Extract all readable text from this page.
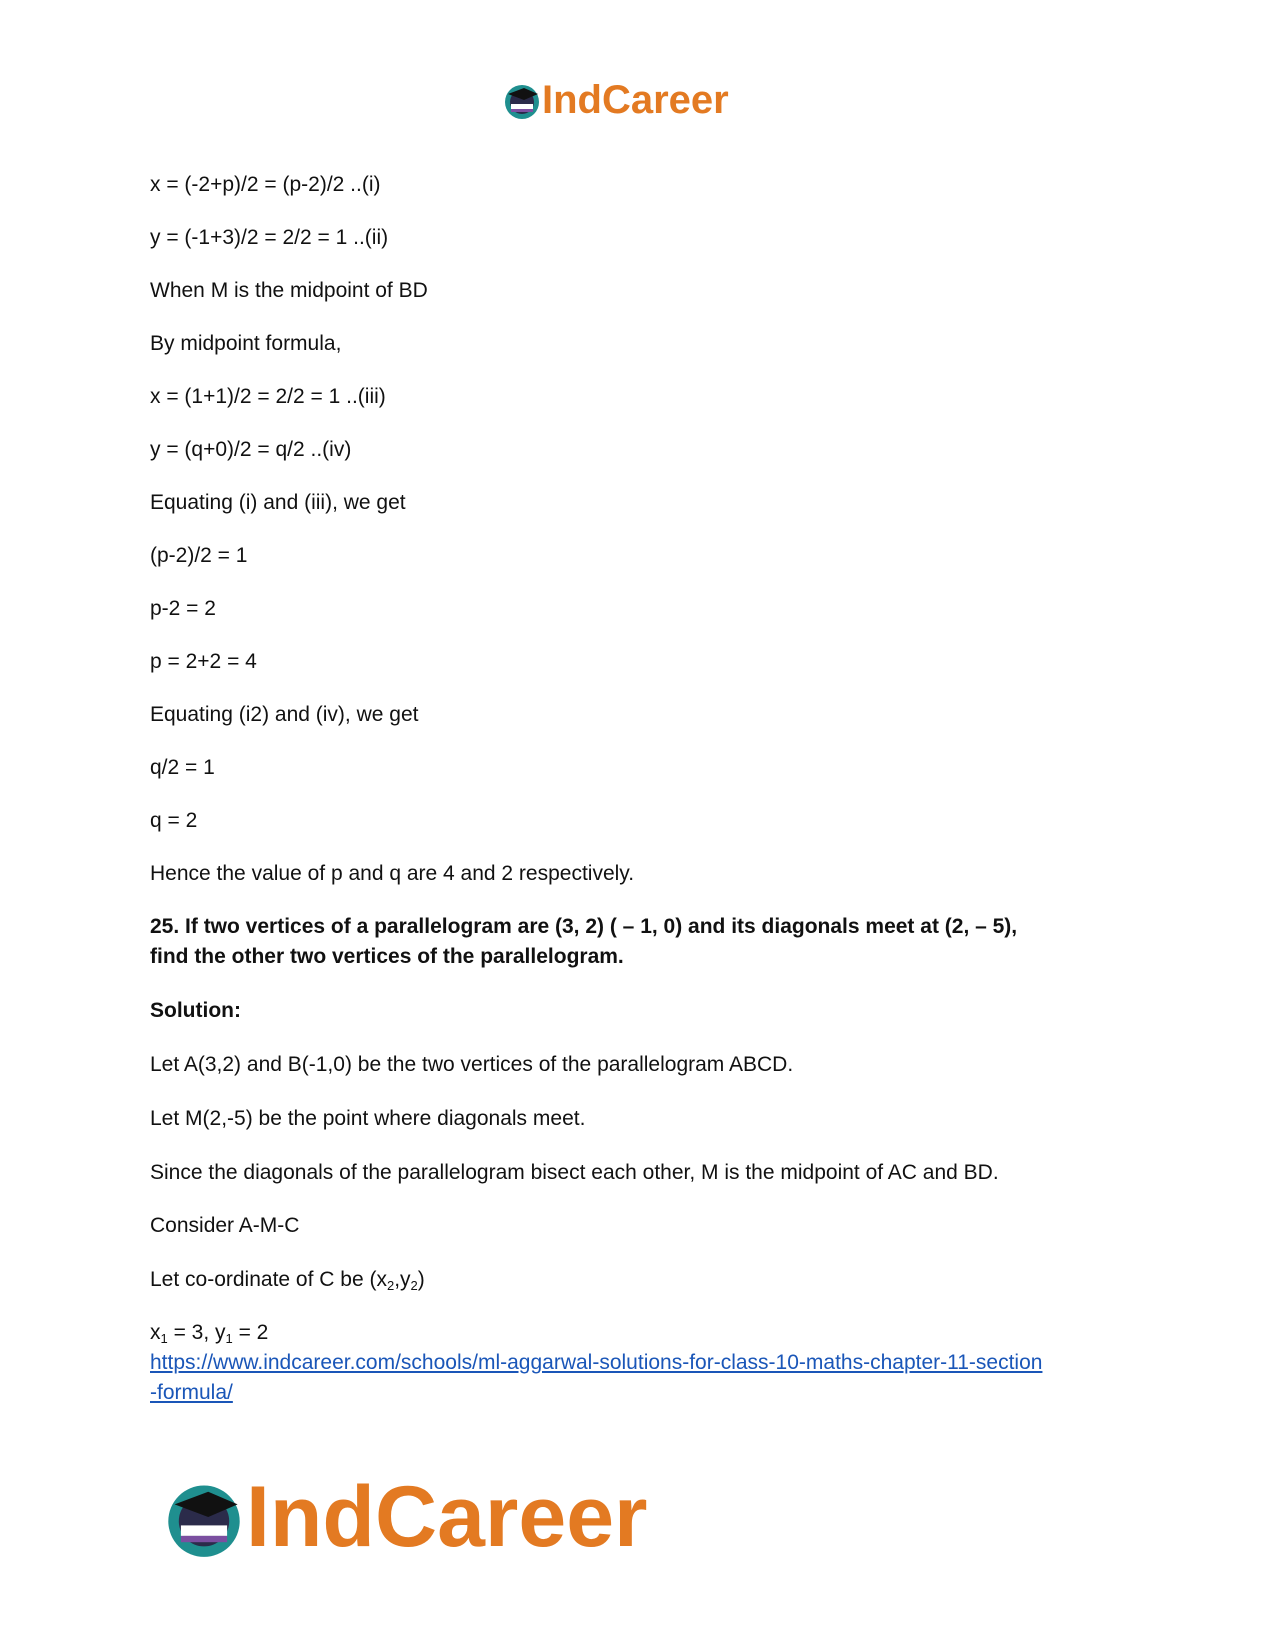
IndCareer
x = (-2+p)/2 = (p-2)/2 ..(i)
y = (-1+3)/2 = 2/2 = 1 ..(ii)
When M is the midpoint of BD
By midpoint formula,
x = (1+1)/2 = 2/2 = 1 ..(iii)
y = (q+0)/2 = q/2 ..(iv)
Equating (i) and (iii), we get
(p-2)/2 = 1
p-2 = 2
p = 2+2 = 4
Equating (i2) and (iv), we get
q/2 = 1
q = 2
Hence the value of p and q are 4 and 2 respectively.
25. If two vertices of a parallelogram are (3, 2) ( – 1, 0) and its diagonals meet at (2, – 5),
find the other two vertices of the parallelogram.
Solution:
Let A(3,2) and B(-1,0) be the two vertices of the parallelogram ABCD.
Let M(2,-5) be the point where diagonals meet.
Since the diagonals of the parallelogram bisect each other, M is the midpoint of AC and BD.
Consider A-M-C
Let co-ordinate of C be $(x_2,y_2)$
$x_1 = 3$, $y_1 = 2$
https://www.indcareer.com/schools/ml-aggarwal-solutions-for-class-10-maths-chapter-11-section
-formula/
IndCareer
